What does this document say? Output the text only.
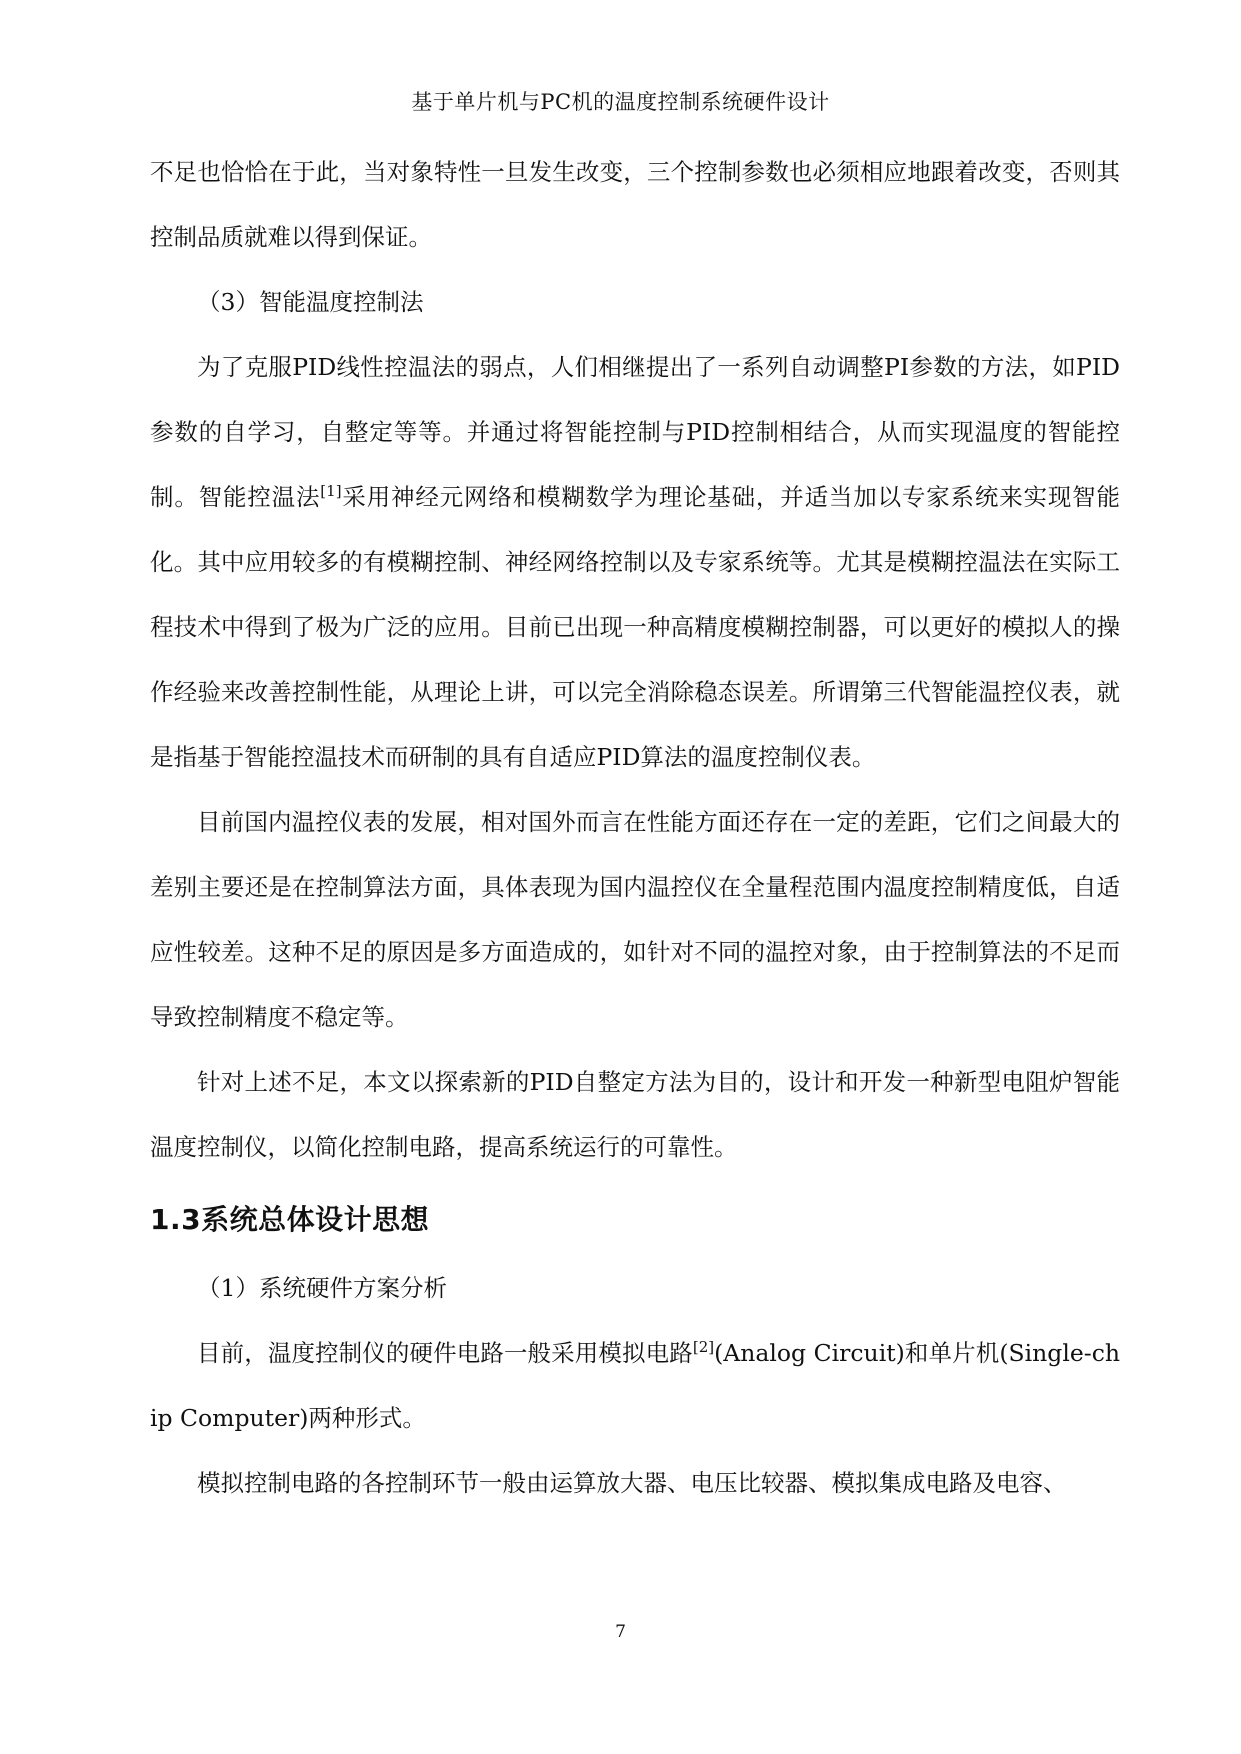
基于单片机与PC机的温度控制系统硬件设计

不足也恰恰在于此，当对象特性一旦发生改变，三个控制参数也必须相应地跟着改变，否则其控制品质就难以得到保证。

（3）智能温度控制法

为了克服PID线性控温法的弱点，人们相继提出了一系列自动调整PI参数的方法，如PID参数的自学习，自整定等等。并通过将智能控制与PID控制相结合，从而实现温度的智能控制。智能控温法[1]采用神经元网络和模糊数学为理论基础，并适当加以专家系统来实现智能化。其中应用较多的有模糊控制、神经网络控制以及专家系统等。尤其是模糊控温法在实际工程技术中得到了极为广泛的应用。目前已出现一种高精度模糊控制器，可以更好的模拟人的操作经验来改善控制性能，从理论上讲，可以完全消除稳态误差。所谓第三代智能温控仪表，就是指基于智能控温技术而研制的具有自适应PID算法的温度控制仪表。

目前国内温控仪表的发展，相对国外而言在性能方面还存在一定的差距，它们之间最大的差别主要还是在控制算法方面，具体表现为国内温控仪在全量程范围内温度控制精度低，自适应性较差。这种不足的原因是多方面造成的，如针对不同的温控对象，由于控制算法的不足而导致控制精度不稳定等。

针对上述不足，本文以探索新的PID自整定方法为目的，设计和开发一种新型电阻炉智能温度控制仪，以简化控制电路，提高系统运行的可靠性。

1.3系统总体设计思想

（1）系统硬件方案分析

目前，温度控制仪的硬件电路一般采用模拟电路[2](Analog Circuit)和单片机(Single-chip Computer)两种形式。

模拟控制电路的各控制环节一般由运算放大器、电压比较器、模拟集成电路及电容、

7
